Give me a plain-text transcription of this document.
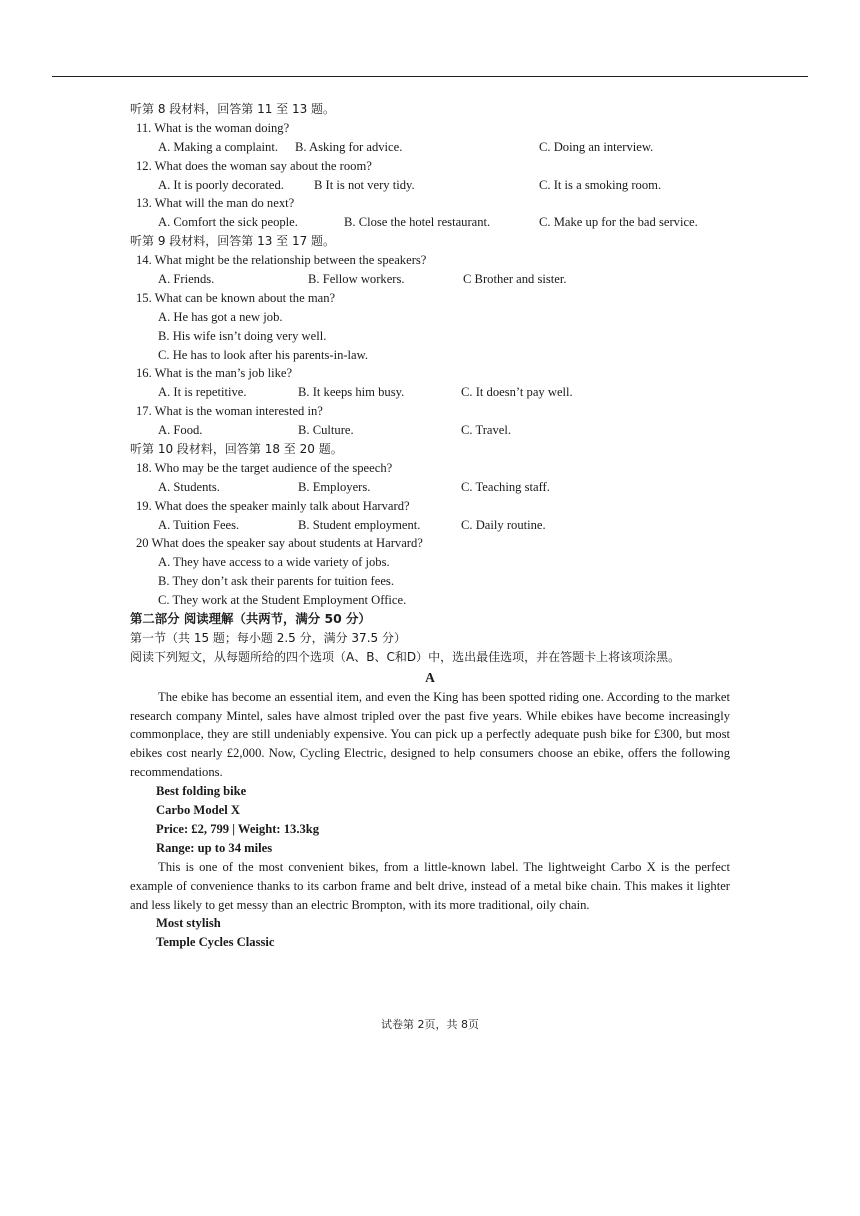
听第 8 段材料，回答第 11 至 13 题。
11. What is the woman doing?
A. Making a complaint. B. Asking for advice.	C. Doing an interview.
12. What does the woman say about the room?
A. It is poorly decorated. B It is not very tidy.	C. It is a smoking room.
13. What will the man do next?
A. Comfort the sick people.	B. Close the hotel restaurant.	C. Make up for the bad service.
听第 9 段材料，回答第 13 至 17 题。
14. What might be the relationship between the speakers?
A. Friends.	B. Fellow workers.	C Brother and sister.
15. What can be known about the man?
A. He has got a new job.
B. His wife isn’t doing very well.
C. He has to look after his parents-in-law.
16. What is the man’s job like?
A. It is repetitive.	B. It keeps him busy.	C. It doesn’t pay well.
17. What is the woman interested in?
A. Food.	B. Culture.	C. Travel.
听第 10 段材料，回答第 18 至 20 题。
18. Who may be the target audience of the speech?
A. Students.	B. Employers.	C. Teaching staff.
19. What does the speaker mainly talk about Harvard?
A. Tuition Fees.	B. Student employment.	C. Daily routine.
20 What does the speaker say about students at Harvard?
A. They have access to a wide variety of jobs.
B. They don’t ask their parents for tuition fees.
C. They work at the Student Employment Office.
第二部分 阅读理解（共两节，满分 50 分）
第一节（共 15 题；每小题 2.5 分，满分 37.5 分）
阅读下列短文，从每题所给的四个选项（A、B、C和D）中，选出最佳选项，并在答题卡上将该项涂黑。
A

The ebike has become an essential item, and even the King has been spotted riding one. According to the market research company Mintel, sales have almost tripled over the past five years. While ebikes have become increasingly commonplace, they are still undeniably expensive. You can pick up a perfectly adequate push bike for £300, but most ebikes cost nearly £2,000. Now, Cycling Electric, designed to help consumers choose an ebike, offers the following recommendations.

Best folding bike
Carbo Model X
Price: £2, 799 | Weight: 13.3kg
Range: up to 34 miles

This is one of the most convenient bikes, from a little-known label. The lightweight Carbo X is the perfect example of convenience thanks to its carbon frame and belt drive, instead of a metal bike chain. This makes it lighter and less likely to get messy than an electric Brompton, with its more traditional, oily chain.

Most stylish
Temple Cycles Classic
试卷第 2页，共 8页
